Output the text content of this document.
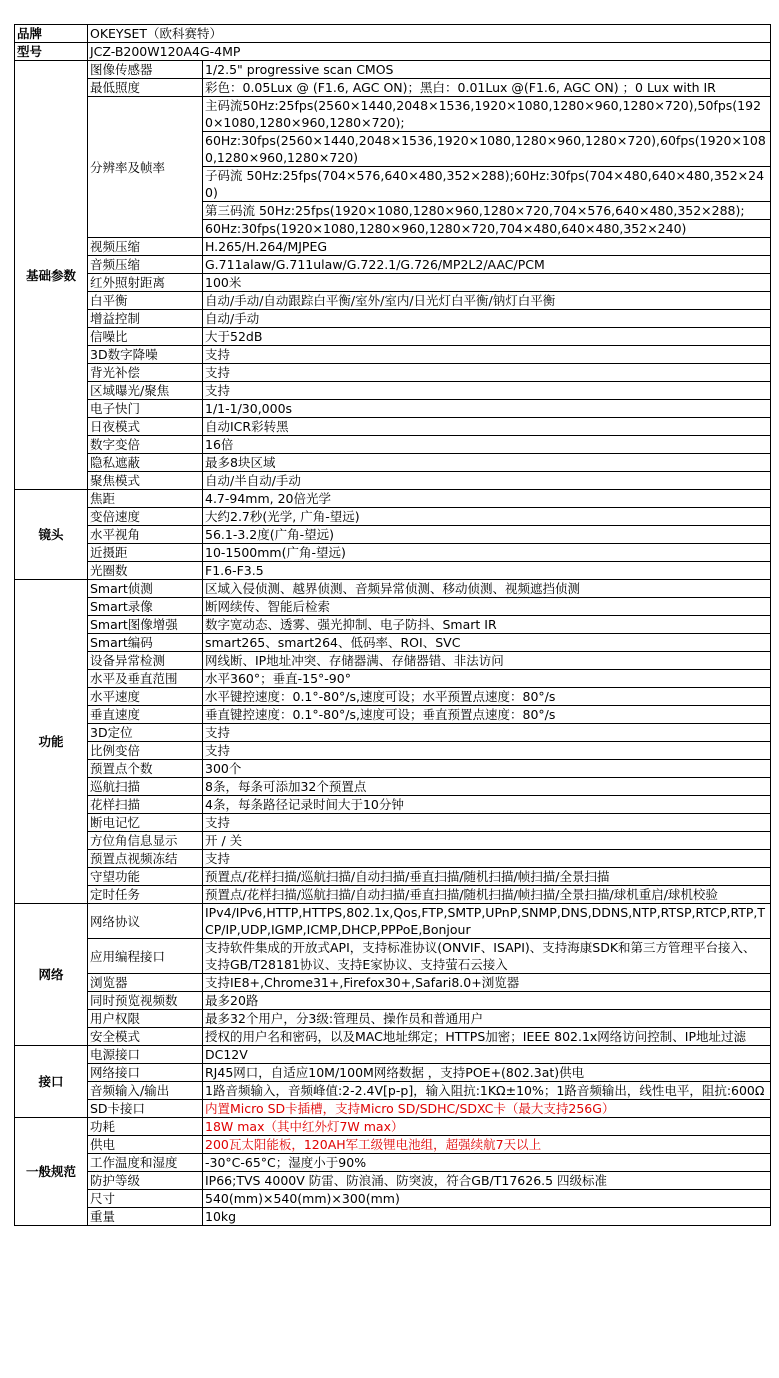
品牌	OKEYSET（欧科赛特）	
型号	JCZ-B200W120A4G-4MP	
基础参数	图像传感器	1/2.5" progressive scan CMOS
	最低照度	彩色：0.05Lux @ (F1.6, AGC ON)；黑白：0.01Lux @(F1.6, AGC ON) ；0 Lux with IR
	分辨率及帧率	主码流50Hz:25fps(2560×1440,2048×1536,1920×1080,1280×960,1280×720),50fps(1920×1080,1280×960,1280×720);
		60Hz:30fps(2560×1440,2048×1536,1920×1080,1280×960,1280×720),60fps(1920×1080,1280×960,1280×720)
		子码流 50Hz:25fps(704×576,640×480,352×288);60Hz:30fps(704×480,640×480,352×240)
		第三码流 50Hz:25fps(1920×1080,1280×960,1280×720,704×576,640×480,352×288);
		60Hz:30fps(1920×1080,1280×960,1280×720,704×480,640×480,352×240)
	视频压缩	H.265/H.264/MJPEG
	音频压缩	G.711alaw/G.711ulaw/G.722.1/G.726/MP2L2/AAC/PCM
	红外照射距离	100米
	白平衡	自动/手动/自动跟踪白平衡/室外/室内/日光灯白平衡/钠灯白平衡
	增益控制	自动/手动
	信噪比	大于52dB
	3D数字降噪	支持
	背光补偿	支持
	区域曝光/聚焦	支持
	电子快门	1/1-1/30,000s
	日夜模式	自动ICR彩转黑
	数字变倍	16倍
	隐私遮蔽	最多8块区域
	聚焦模式	自动/半自动/手动
镜头	焦距	4.7-94mm, 20倍光学
	变倍速度	大约2.7秒(光学, 广角-望远)
	水平视角	56.1-3.2度(广角-望远)
	近摄距	10-1500mm(广角-望远)
	光圈数	F1.6-F3.5
功能	Smart侦测	区域入侵侦测、越界侦测、音频异常侦测、移动侦测、视频遮挡侦测
	Smart录像	断网续传、智能后检索
	Smart图像增强	数字宽动态、透雾、强光抑制、电子防抖、Smart IR
	Smart编码	smart265、smart264、低码率、ROI、SVC
	设备异常检测	网线断、IP地址冲突、存储器满、存储器错、非法访问
	水平及垂直范围	水平360°；垂直-15°-90°
	水平速度	水平键控速度：0.1°-80°/s,速度可设；水平预置点速度：80°/s
	垂直速度	垂直键控速度：0.1°-80°/s,速度可设；垂直预置点速度：80°/s
	3D定位	支持
	比例变倍	支持
	预置点个数	300个
	巡航扫描	8条，每条可添加32个预置点
	花样扫描	4条，每条路径记录时间大于10分钟
	断电记忆	支持
	方位角信息显示	开 / 关
	预置点视频冻结	支持
	守望功能	预置点/花样扫描/巡航扫描/自动扫描/垂直扫描/随机扫描/帧扫描/全景扫描
	定时任务	预置点/花样扫描/巡航扫描/自动扫描/垂直扫描/随机扫描/帧扫描/全景扫描/球机重启/球机校验
网络	网络协议	IPv4/IPv6,HTTP,HTTPS,802.1x,Qos,FTP,SMTP,UPnP,SNMP,DNS,DDNS,NTP,RTSP,RTCP,RTP,TCP/IP,UDP,IGMP,ICMP,DHCP,PPPoE,Bonjour
	应用编程接口	支持软件集成的开放式API，支持标准协议(ONVIF、ISAPI)、支持海康SDK和第三方管理平台接入、支持GB/T28181协议、支持E家协议、支持萤石云接入
	浏览器	支持IE8+,Chrome31+,Firefox30+,Safari8.0+浏览器
	同时预览视频数	最多20路
	用户权限	最多32个用户，分3级:管理员、操作员和普通用户
	安全模式	授权的用户名和密码，以及MAC地址绑定；HTTPS加密；IEEE 802.1x网络访问控制、IP地址过滤
接口	电源接口	DC12V
	网络接口	RJ45网口，自适应10M/100M网络数据 ，支持POE+(802.3at)供电
	音频输入/输出	1路音频输入，音频峰值:2-2.4V[p-p]，输入阻抗:1KΩ±10%；1路音频输出，线性电平，阻抗:600Ω
	SD卡接口	内置Micro SD卡插槽，支持Micro SD/SDHC/SDXC卡（最大支持256G）
一般规范	功耗	18W max（其中红外灯7W max）
	供电	200瓦太阳能板，120AH军工级锂电池组，超强续航7天以上
	工作温度和湿度	-30°C-65°C；湿度小于90%
	防护等级	IP66;TVS 4000V 防雷、防浪涌、防突波，符合GB/T17626.5 四级标准
	尺寸	540(mm)×540(mm)×300(mm)
	重量	10kg
